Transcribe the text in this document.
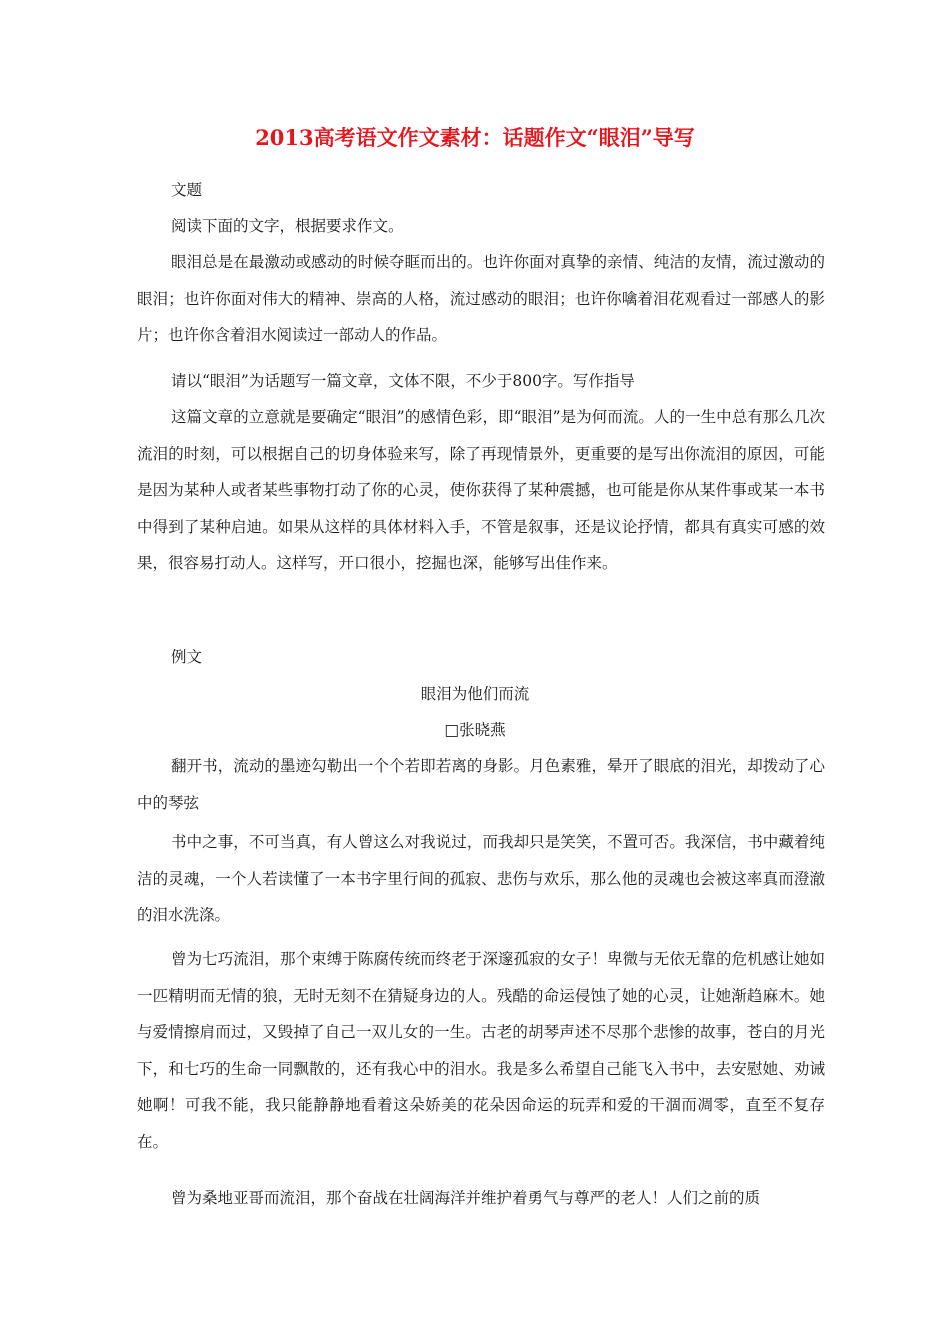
2013高考语文作文素材：话题作文“眼泪”导写

文题

阅读下面的文字，根据要求作文。

眼泪总是在最激动或感动的时候夺眶而出的。也许你面对真挚的亲情、纯洁的友情，流过激动的眼泪；也许你面对伟大的精神、崇高的人格，流过感动的眼泪；也许你噙着泪花观看过一部感人的影片；也许你含着泪水阅读过一部动人的作品。

请以“眼泪”为话题写一篇文章，文体不限，不少于800字。写作指导

这篇文章的立意就是要确定“眼泪”的感情色彩，即“眼泪”是为何而流。人的一生中总有那么几次流泪的时刻，可以根据自己的切身体验来写，除了再现情景外，更重要的是写出你流泪的原因，可能是因为某种人或者某些事物打动了你的心灵，使你获得了某种震撼，也可能是你从某件事或某一本书中得到了某种启迪。如果从这样的具体材料入手，不管是叙事，还是议论抒情，都具有真实可感的效果，很容易打动人。这样写，开口很小，挖掘也深，能够写出佳作来。

例文

眼泪为他们而流

□张晓燕

翻开书，流动的墨迹勾勒出一个个若即若离的身影。月色素雅，晕开了眼底的泪光，却拨动了心中的琴弦

书中之事，不可当真，有人曾这么对我说过，而我却只是笑笑，不置可否。我深信，书中藏着纯洁的灵魂，一个人若读懂了一本书字里行间的孤寂、悲伤与欢乐，那么他的灵魂也会被这率真而澄澈的泪水洗涤。

曾为七巧流泪，那个束缚于陈腐传统而终老于深邃孤寂的女子！卑微与无依无靠的危机感让她如一匹精明而无情的狼，无时无刻不在猜疑身边的人。残酷的命运侵蚀了她的心灵，让她渐趋麻木。她与爱情擦肩而过，又毁掉了自己一双儿女的一生。古老的胡琴声述不尽那个悲惨的故事，苍白的月光下，和七巧的生命一同飘散的，还有我心中的泪水。我是多么希望自己能飞入书中，去安慰她、劝诫她啊！可我不能，我只能静静地看着这朵娇美的花朵因命运的玩弄和爱的干涸而凋零，直至不复存在。

曾为桑地亚哥而流泪，那个奋战在壮阔海洋并维护着勇气与尊严的老人！人们之前的质
